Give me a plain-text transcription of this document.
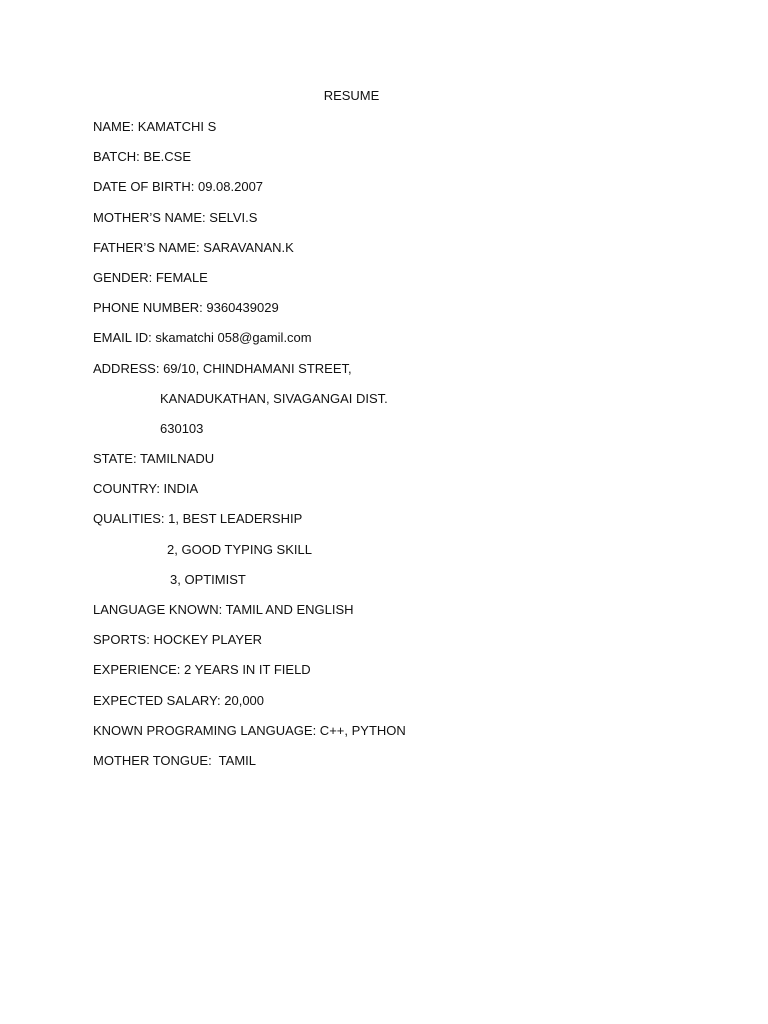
RESUME
NAME: KAMATCHI S
BATCH: BE.CSE
DATE OF BIRTH: 09.08.2007
MOTHER’S NAME: SELVI.S
FATHER’S NAME: SARAVANAN.K
GENDER: FEMALE
PHONE NUMBER: 9360439029
EMAIL ID: skamatchi 058@gamil.com
ADDRESS: 69/10, CHINDHAMANI STREET,
KANADUKATHAN, SIVAGANGAI DIST.
630103
STATE: TAMILNADU
COUNTRY: INDIA
QUALITIES: 1, BEST LEADERSHIP
2, GOOD TYPING SKILL
3, OPTIMIST
LANGUAGE KNOWN: TAMIL AND ENGLISH
SPORTS: HOCKEY PLAYER
EXPERIENCE: 2 YEARS IN IT FIELD
EXPECTED SALARY: 20,000
KNOWN PROGRAMING LANGUAGE: C++, PYTHON
MOTHER TONGUE:  TAMIL
